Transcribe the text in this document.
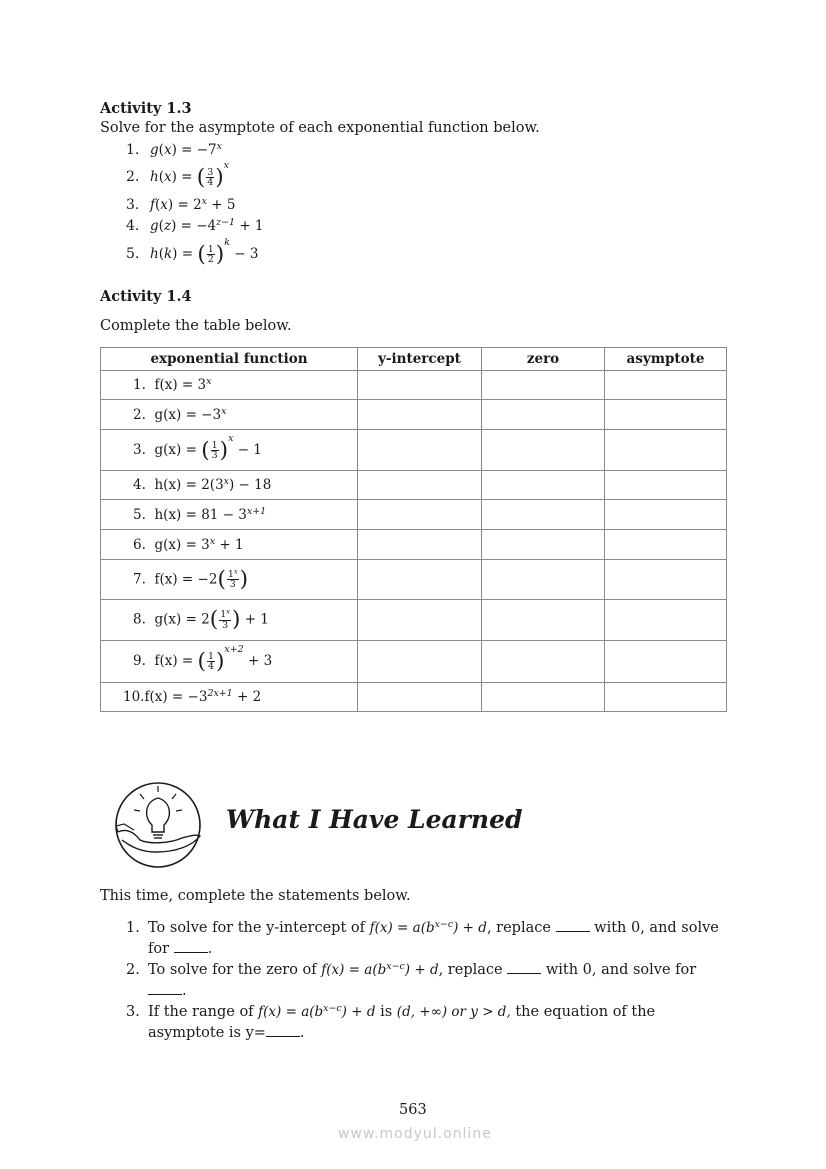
Activity 1.3
Solve for the asymptote of each exponential function below.
1. $g(x) = -7^x$
2. h(x) = ( $\frac{3}{4} )^x$
3. $f(x) = 2^x + 5$
4. $g(z) = -4^{z-1} + 1$
5. h(k) = ( $\frac{1}{2} )^k - 3$
Activity 1.4
Complete the table below.
exponential function	y-intercept	zero	asymptote
1. $f(x) = 3^x$			
2. $g(x) = -3^x$			
3. g(x) = ( $\frac{1}{3} )^x - 1$			
4. $h(x) = 2(3^x) - 18$			
5. $h(x) = 81 - 3^{x+1}$			
6. $g(x) = 3^x + 1$			
7. $f(x) = -2( \frac{1^x}{3}$ )			
8. $g(x) = 2( \frac{1^x}{3}$ ) + 1			
9. f(x) = ( $\frac{1}{4} )^{x+2} + 3$			
$10.f(x) = -3^{2x+1} + 2$			
What I Have Learned
This time, complete the statements below.
1. To solve for the y-intercept of $f(x) = a(b^{x-c}) + d$, replace	with 0, and solve
for	.
2. To solve for the zero of $f(x) = a(b^{x-c}) + d$, replace	with 0, and solve for
.
3. If the range of $f(x) = a(b^{x-c}) + d$ is (d, +∞) or y > d, the equation of the
asymptote is y= .
563
www.modyul.online
